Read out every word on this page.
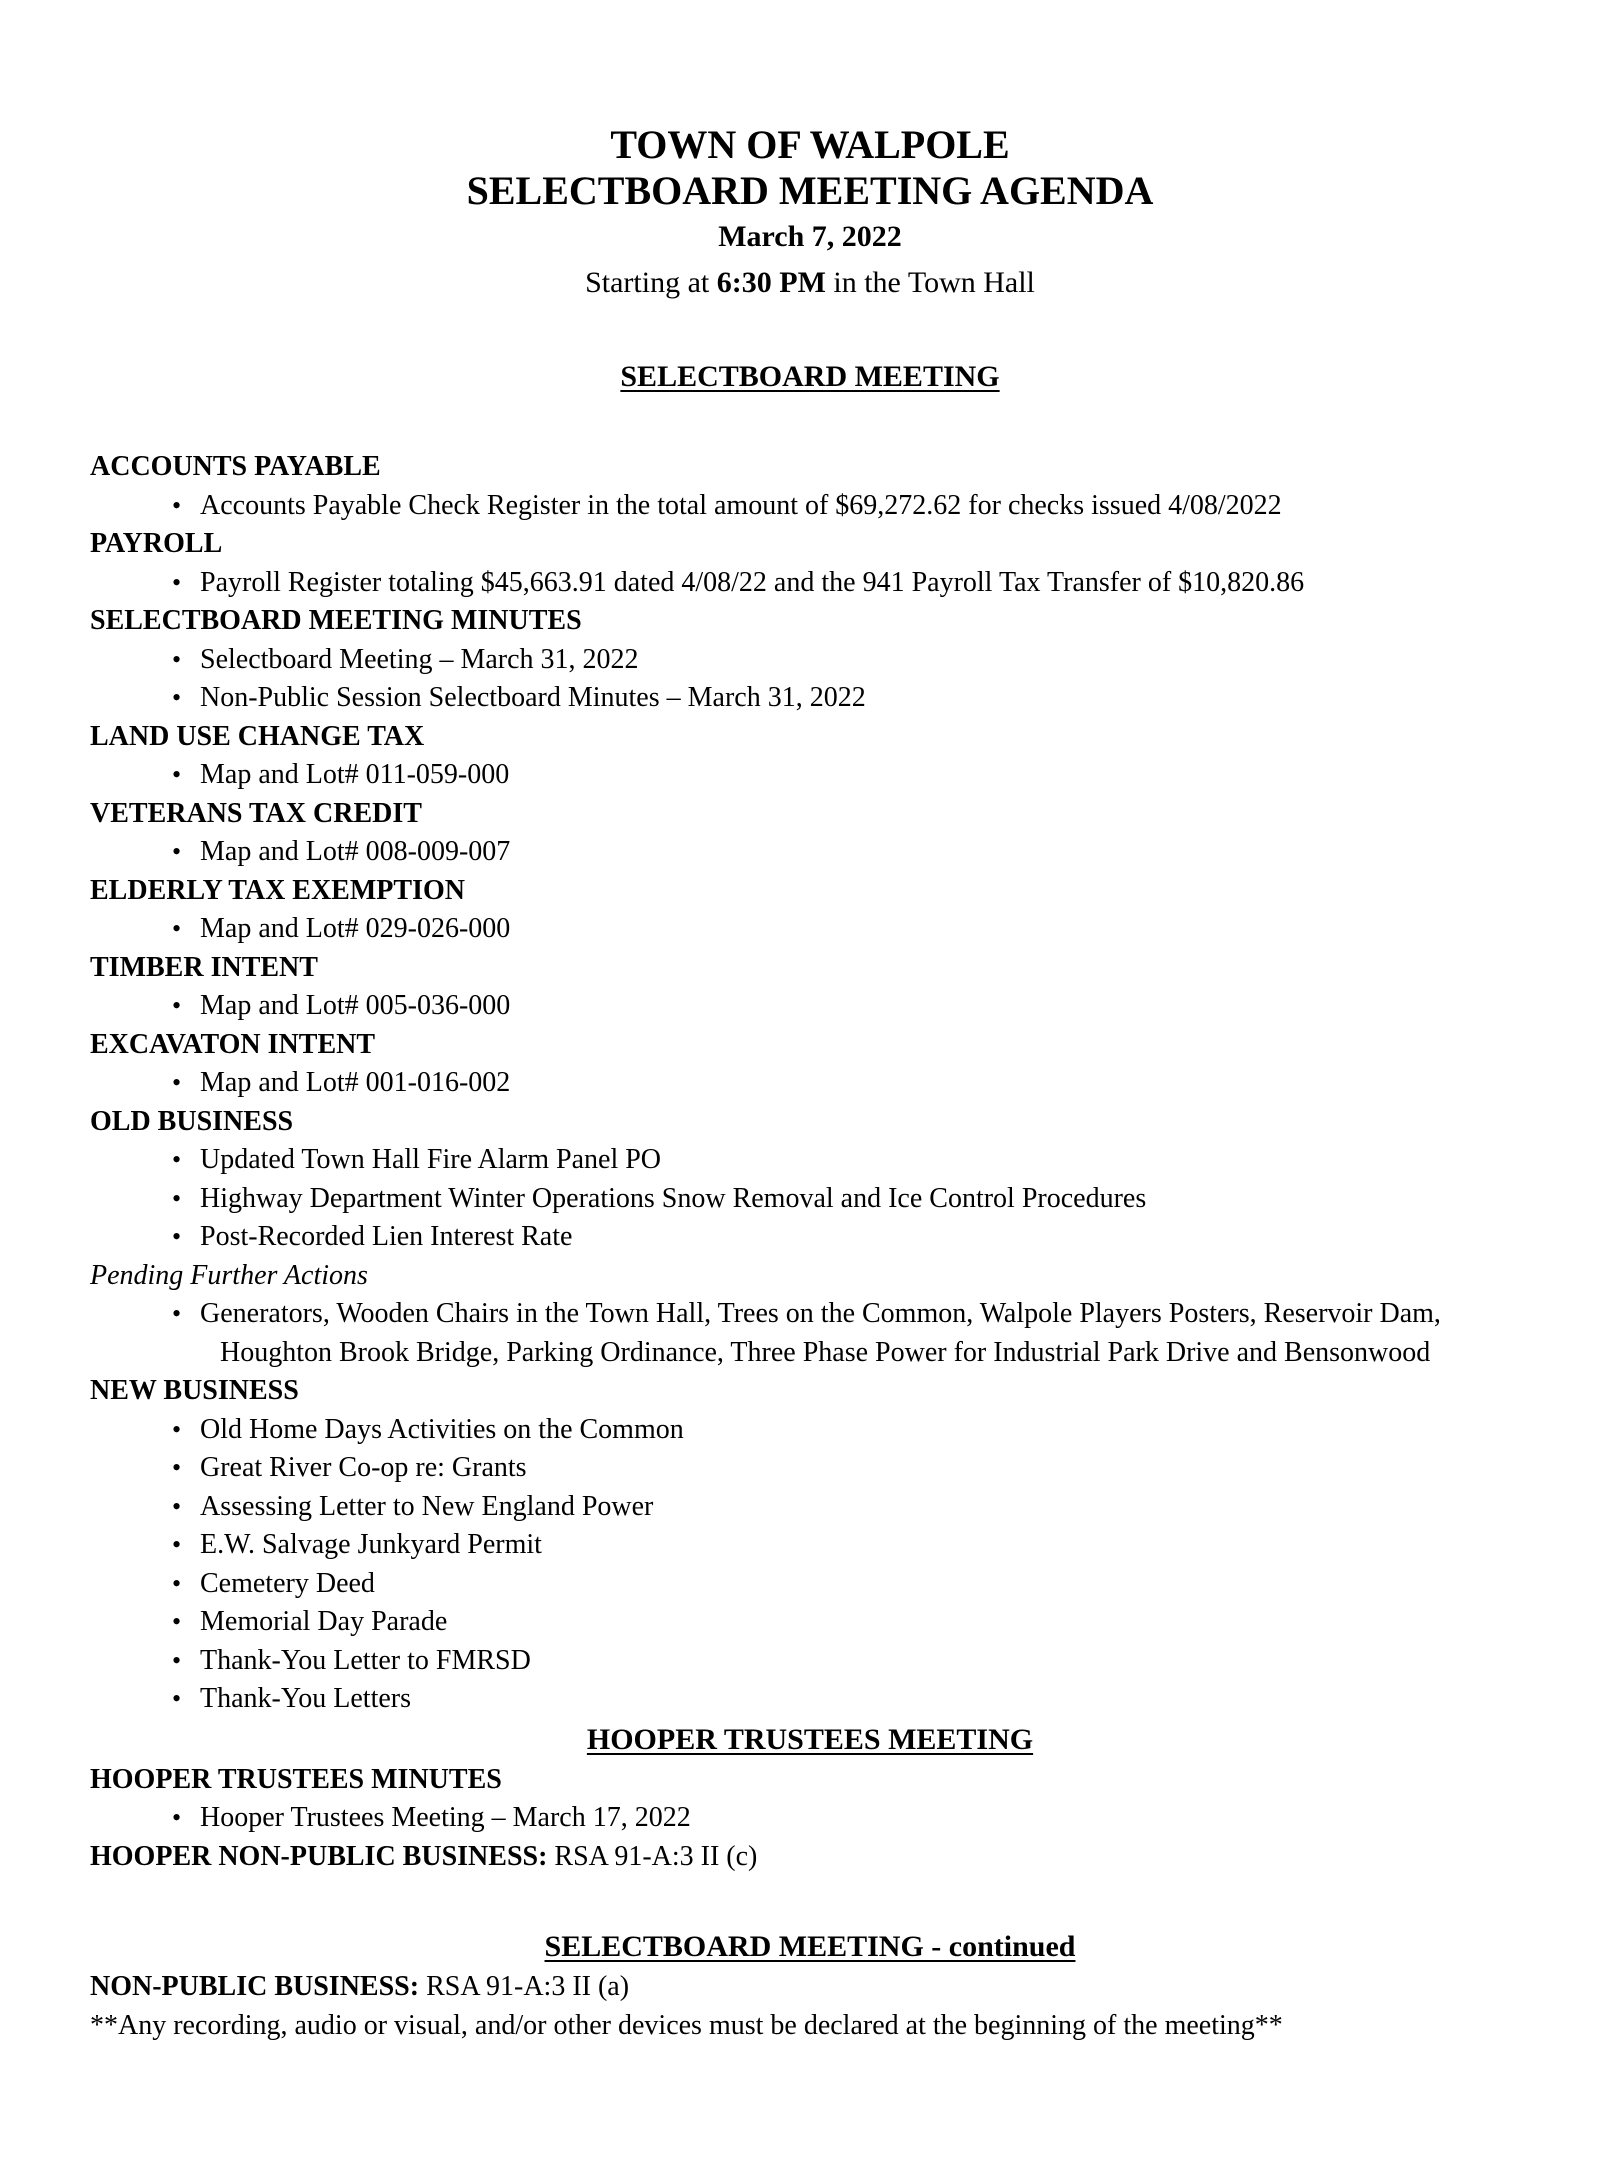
TOWN OF WALPOLE
SELECTBOARD MEETING AGENDA
March 7, 2022
Starting at 6:30 PM in the Town Hall
SELECTBOARD MEETING
ACCOUNTS PAYABLE
• Accounts Payable Check Register in the total amount of $69,272.62 for checks issued 4/08/2022
PAYROLL
• Payroll Register totaling $45,663.91 dated 4/08/22 and the 941 Payroll Tax Transfer of $10,820.86
SELECTBOARD MEETING MINUTES
• Selectboard Meeting – March 31, 2022
• Non-Public Session Selectboard Minutes – March 31, 2022
LAND USE CHANGE TAX
• Map and Lot# 011-059-000
VETERANS TAX CREDIT
• Map and Lot# 008-009-007
ELDERLY TAX EXEMPTION
• Map and Lot# 029-026-000
TIMBER INTENT
• Map and Lot# 005-036-000
EXCAVATON INTENT
• Map and Lot# 001-016-002
OLD BUSINESS
• Updated Town Hall Fire Alarm Panel PO
• Highway Department Winter Operations Snow Removal and Ice Control Procedures
• Post-Recorded Lien Interest Rate
Pending Further Actions
• Generators, Wooden Chairs in the Town Hall, Trees on the Common, Walpole Players Posters, Reservoir Dam,
Houghton Brook Bridge, Parking Ordinance, Three Phase Power for Industrial Park Drive and Bensonwood
NEW BUSINESS
• Old Home Days Activities on the Common
• Great River Co-op re: Grants
• Assessing Letter to New England Power
• E.W. Salvage Junkyard Permit
• Cemetery Deed
• Memorial Day Parade
• Thank-You Letter to FMRSD
• Thank-You Letters
HOOPER TRUSTEES MEETING
HOOPER TRUSTEES MINUTES
• Hooper Trustees Meeting – March 17, 2022
HOOPER NON-PUBLIC BUSINESS: RSA 91-A:3 II (c)
SELECTBOARD MEETING - continued
NON-PUBLIC BUSINESS: RSA 91-A:3 II (a)
**Any recording, audio or visual, and/or other devices must be declared at the beginning of the meeting**
